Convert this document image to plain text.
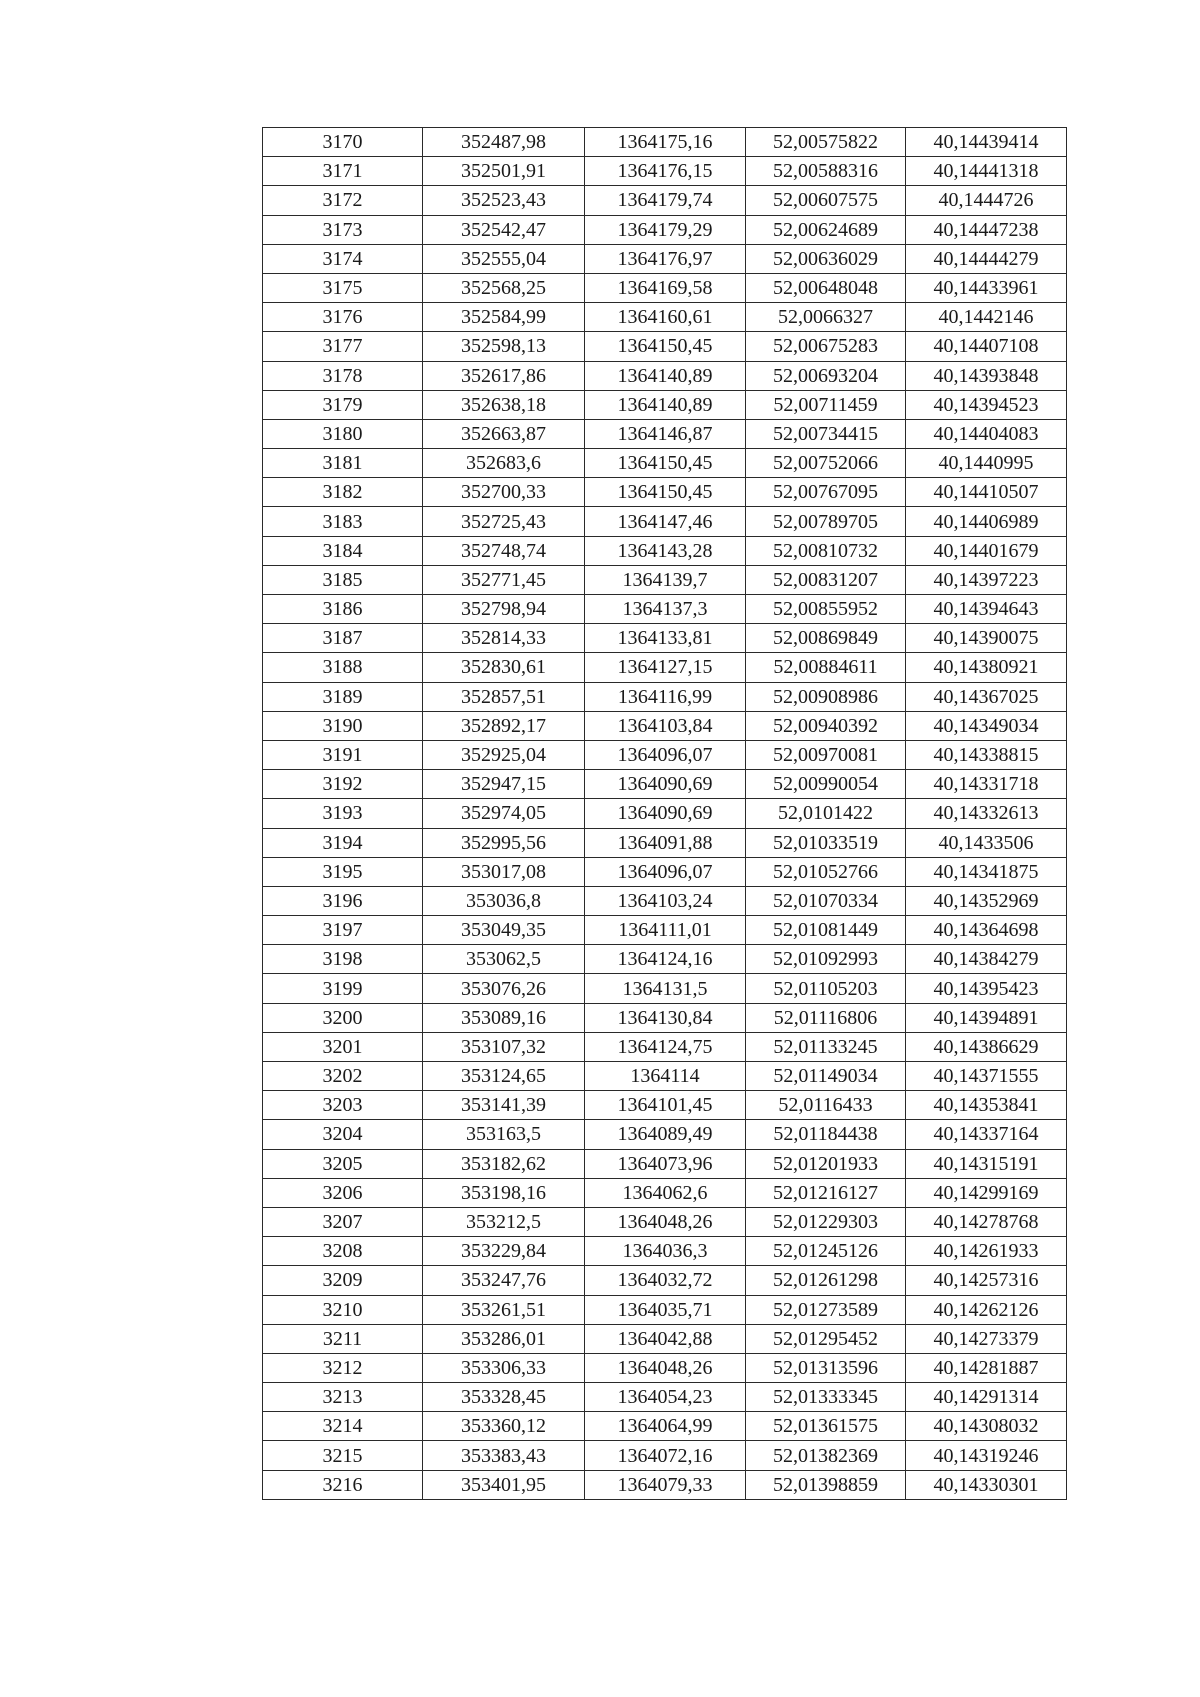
3170	352487,98	1364175,16	52,00575822	40,14439414
3171	352501,91	1364176,15	52,00588316	40,14441318
3172	352523,43	1364179,74	52,00607575	40,1444726
3173	352542,47	1364179,29	52,00624689	40,14447238
3174	352555,04	1364176,97	52,00636029	40,14444279
3175	352568,25	1364169,58	52,00648048	40,14433961
3176	352584,99	1364160,61	52,0066327	40,1442146
3177	352598,13	1364150,45	52,00675283	40,14407108
3178	352617,86	1364140,89	52,00693204	40,14393848
3179	352638,18	1364140,89	52,00711459	40,14394523
3180	352663,87	1364146,87	52,00734415	40,14404083
3181	352683,6	1364150,45	52,00752066	40,1440995
3182	352700,33	1364150,45	52,00767095	40,14410507
3183	352725,43	1364147,46	52,00789705	40,14406989
3184	352748,74	1364143,28	52,00810732	40,14401679
3185	352771,45	1364139,7	52,00831207	40,14397223
3186	352798,94	1364137,3	52,00855952	40,14394643
3187	352814,33	1364133,81	52,00869849	40,14390075
3188	352830,61	1364127,15	52,00884611	40,14380921
3189	352857,51	1364116,99	52,00908986	40,14367025
3190	352892,17	1364103,84	52,00940392	40,14349034
3191	352925,04	1364096,07	52,00970081	40,14338815
3192	352947,15	1364090,69	52,00990054	40,14331718
3193	352974,05	1364090,69	52,0101422	40,14332613
3194	352995,56	1364091,88	52,01033519	40,1433506
3195	353017,08	1364096,07	52,01052766	40,14341875
3196	353036,8	1364103,24	52,01070334	40,14352969
3197	353049,35	1364111,01	52,01081449	40,14364698
3198	353062,5	1364124,16	52,01092993	40,14384279
3199	353076,26	1364131,5	52,01105203	40,14395423
3200	353089,16	1364130,84	52,01116806	40,14394891
3201	353107,32	1364124,75	52,01133245	40,14386629
3202	353124,65	1364114	52,01149034	40,14371555
3203	353141,39	1364101,45	52,0116433	40,14353841
3204	353163,5	1364089,49	52,01184438	40,14337164
3205	353182,62	1364073,96	52,01201933	40,14315191
3206	353198,16	1364062,6	52,01216127	40,14299169
3207	353212,5	1364048,26	52,01229303	40,14278768
3208	353229,84	1364036,3	52,01245126	40,14261933
3209	353247,76	1364032,72	52,01261298	40,14257316
3210	353261,51	1364035,71	52,01273589	40,14262126
3211	353286,01	1364042,88	52,01295452	40,14273379
3212	353306,33	1364048,26	52,01313596	40,14281887
3213	353328,45	1364054,23	52,01333345	40,14291314
3214	353360,12	1364064,99	52,01361575	40,14308032
3215	353383,43	1364072,16	52,01382369	40,14319246
3216	353401,95	1364079,33	52,01398859	40,14330301
